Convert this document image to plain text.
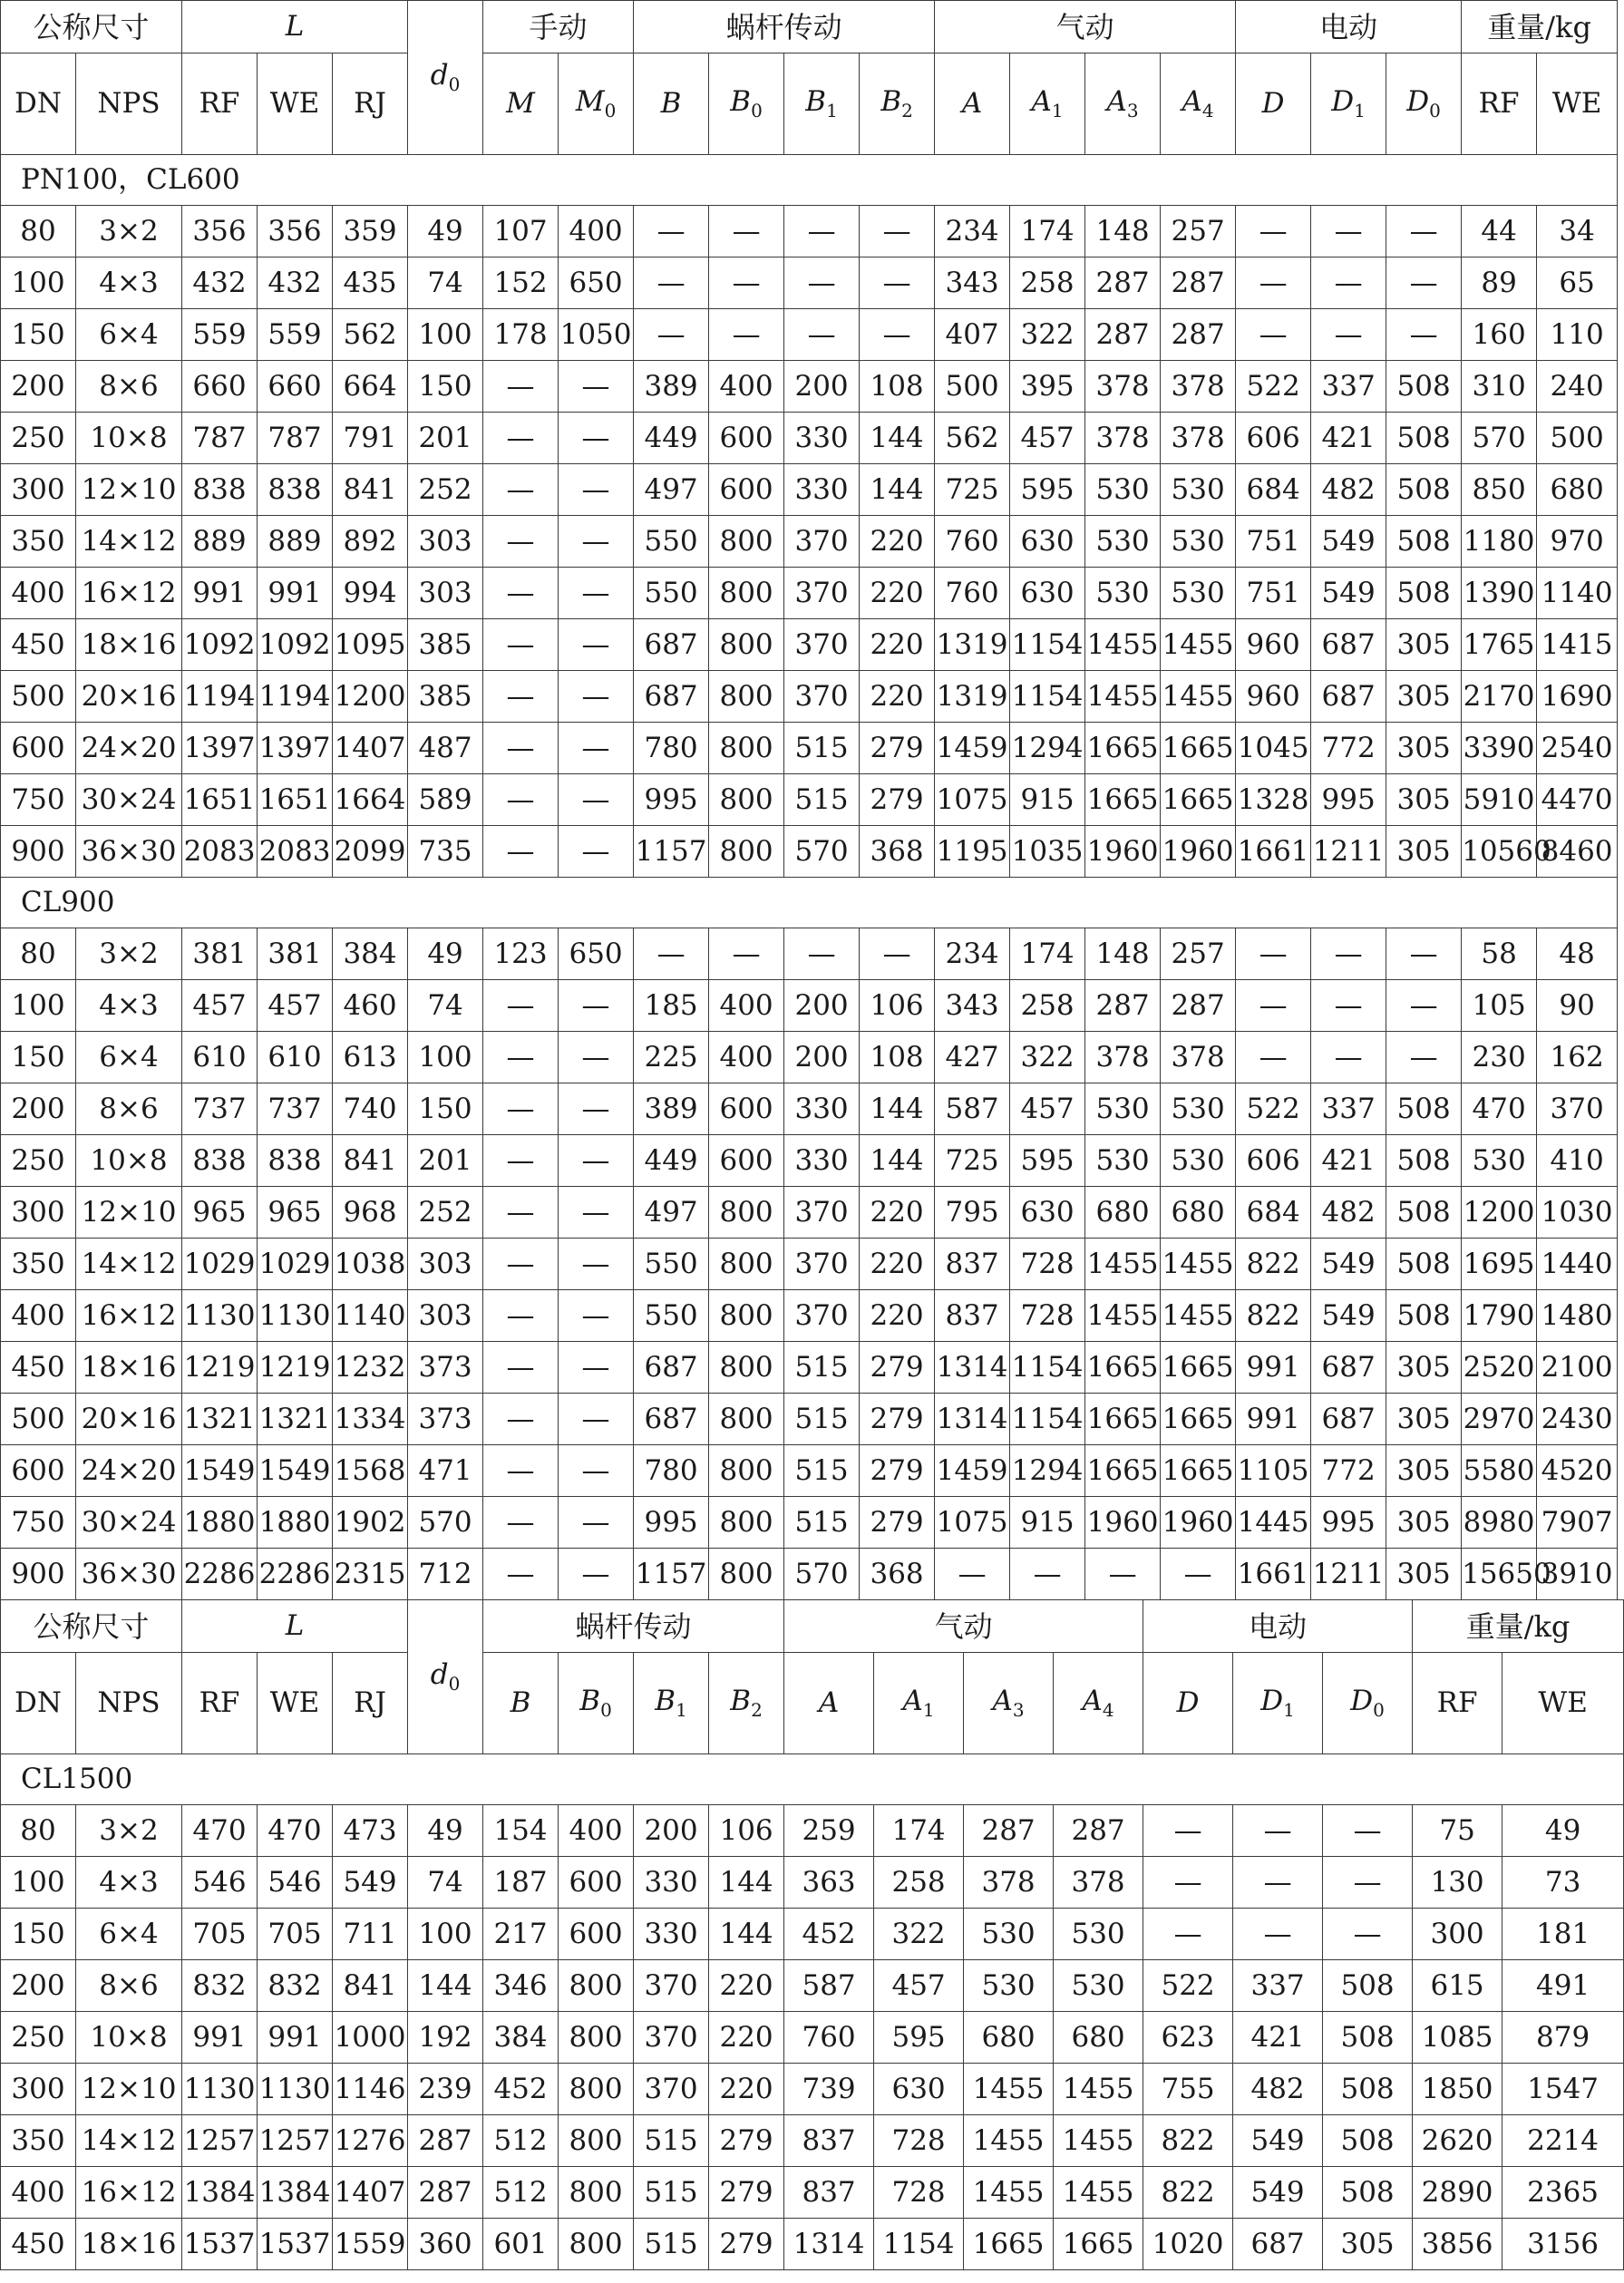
公称尺寸		L			$d_0$	手动		蜗杆传动				气动				电动			重量/kg	
DN	NPS	RF	WE	RJ		M	$M_0$	B	$B_0$	$B_1$	$B_2$	A	$A_1$	$A_3$	$A_4$	D	$D_1$	$D_0$	RF	WE
PN100，CL600																				
80	3×2	356	356	359	49	107	400	—	—	—	—	234	174	148	257	—	—	—	44	34
100	4×3	432	432	435	74	152	650	—	—	—	—	343	258	287	287	—	—	—	89	65
150	6×4	559	559	562	100	178	1050	—	—	—	—	407	322	287	287	—	—	—	160	110
200	8×6	660	660	664	150	—	—	389	400	200	108	500	395	378	378	522	337	508	310	240
250	10×8	787	787	791	201	—	—	449	600	330	144	562	457	378	378	606	421	508	570	500
300	12×10	838	838	841	252	—	—	497	600	330	144	725	595	530	530	684	482	508	850	680
350	14×12	889	889	892	303	—	—	550	800	370	220	760	630	530	530	751	549	508	1180	970
400	16×12	991	991	994	303	—	—	550	800	370	220	760	630	530	530	751	549	508	1390	1140
450	18×16	1092	1092	1095	385	—	—	687	800	370	220	1319	1154	1455	1455	960	687	305	1765	1415
500	20×16	1194	1194	1200	385	—	—	687	800	370	220	1319	1154	1455	1455	960	687	305	2170	1690
600	24×20	1397	1397	1407	487	—	—	780	800	515	279	1459	1294	1665	1665	1045	772	305	3390	2540
750	30×24	1651	1651	1664	589	—	—	995	800	515	279	1075	915	1665	1665	1328	995	305	5910	4470
900	36×30	2083	2083	2099	735	—	—	1157	800	570	368	1195	1035	1960	1960	1661	1211	305	10560	8460
CL900																				
80	3×2	381	381	384	49	123	650	—	—	—	—	234	174	148	257	—	—	—	58	48
100	4×3	457	457	460	74	—	—	185	400	200	106	343	258	287	287	—	—	—	105	90
150	6×4	610	610	613	100	—	—	225	400	200	108	427	322	378	378	—	—	—	230	162
200	8×6	737	737	740	150	—	—	389	600	330	144	587	457	530	530	522	337	508	470	370
250	10×8	838	838	841	201	—	—	449	600	330	144	725	595	530	530	606	421	508	530	410
300	12×10	965	965	968	252	—	—	497	800	370	220	795	630	680	680	684	482	508	1200	1030
350	14×12	1029	1029	1038	303	—	—	550	800	370	220	837	728	1455	1455	822	549	508	1695	1440
400	16×12	1130	1130	1140	303	—	—	550	800	370	220	837	728	1455	1455	822	549	508	1790	1480
450	18×16	1219	1219	1232	373	—	—	687	800	515	279	1314	1154	1665	1665	991	687	305	2520	2100
500	20×16	1321	1321	1334	373	—	—	687	800	515	279	1314	1154	1665	1665	991	687	305	2970	2430
600	24×20	1549	1549	1568	471	—	—	780	800	515	279	1459	1294	1665	1665	1105	772	305	5580	4520
750	30×24	1880	1880	1902	570	—	—	995	800	515	279	1075	915	1960	1960	1445	995	305	8980	7907
900	36×30	2286	2286	2315	712	—	—	1157	800	570	368	—	—	—	—	1661	1211	305	15650	3910
公称尺寸		L			$d_0$	蜗杆传动				气动				电动			重量/kg	
DN	NPS	RF	WE	RJ		B	$B_0$	$B_1$	$B_2$	A	$A_1$	$A_3$	$A_4$	D	$D_1$	$D_0$	RF	WE
CL1500																		
80	3×2	470	470	473	49	154	400	200	106	259	174	287	287	—	—	—	75	49
100	4×3	546	546	549	74	187	600	330	144	363	258	378	378	—	—	—	130	73
150	6×4	705	705	711	100	217	600	330	144	452	322	530	530	—	—	—	300	181
200	8×6	832	832	841	144	346	800	370	220	587	457	530	530	522	337	508	615	491
250	10×8	991	991	1000	192	384	800	370	220	760	595	680	680	623	421	508	1085	879
300	12×10	1130	1130	1146	239	452	800	370	220	739	630	1455	1455	755	482	508	1850	1547
350	14×12	1257	1257	1276	287	512	800	515	279	837	728	1455	1455	822	549	508	2620	2214
400	16×12	1384	1384	1407	287	512	800	515	279	837	728	1455	1455	822	549	508	2890	2365
450	18×16	1537	1537	1559	360	601	800	515	279	1314	1154	1665	1665	1020	687	305	3856	3156
